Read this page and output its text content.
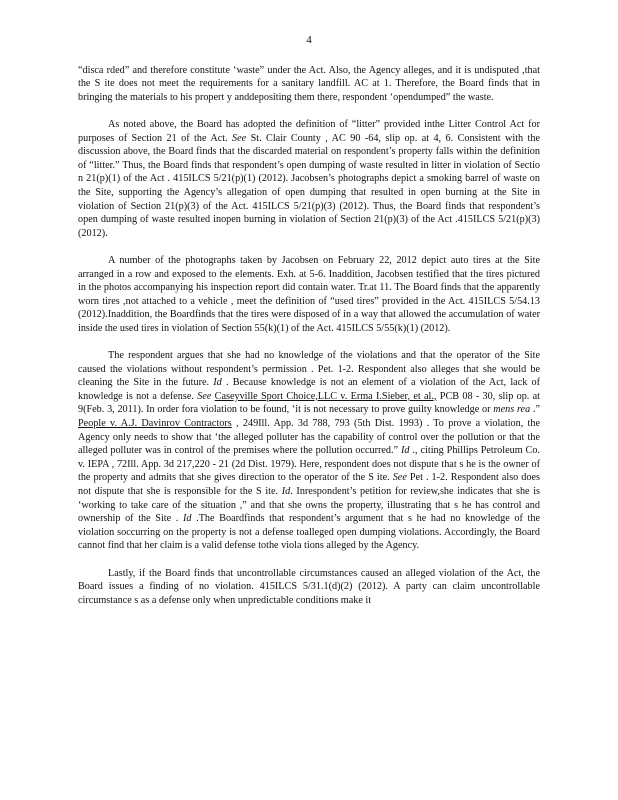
4

“disca rded” and therefore constitute ‘waste” under the Act. Also, the Agency alleges, and it is undisputed ,that the S ite does not meet the requirements for a sanitary landfill. AC at 1. Therefore, the Board finds that in bringing the materials to his propert y anddepositing them there, respondent ‘opendumped” the waste.

As noted above, the Board has adopted the definition of “litter” provided inthe Litter Control Act for purposes of Section 21 of the Act. See St. Clair County , AC 90 -64, slip op. at 4, 6. Consistent with the discussion above, the Board finds that the discarded material on respondent’s property falls within the definition of “litter.” Thus, the Board finds that respondent’s open dumping of waste resulted in litter in violation of Sectio n 21(p)(1) of the Act . 415ILCS 5/21(p)(1) (2012). Jacobsen’s photographs depict a smoking barrel of waste on the Site, supporting the Agency’s allegation of open dumping that resulted in open burning at the Site in violation of Section 21(p)(3) of the Act. 415ILCS 5/21(p)(3) (2012). Thus, the Board finds that respondent’s open dumping of waste resulted inopen burning in violation of Section 21(p)(3) of the Act .415ILCS 5/21(p)(3) (2012).

A number of the photographs taken by Jacobsen on February 22, 2012 depict auto tires at the Site arranged in a row and exposed to the elements. Exh. at 5-6. Inaddition, Jacobsen testified that the tires pictured in the photos accompanying his inspection report did contain water. Tr.at 11. The Board finds that the apparently worn tires ,not attached to a vehicle , meet the definition of “used tires” provided in the Act. 415ILCS 5/54.13 (2012).Inaddition, the Boardfinds that the tires were disposed of in a way that allowed the accumulation of water inside the used tires in violation of Section 55(k)(1) of the Act. 415ILCS 5/55(k)(1) (2012).

The respondent argues that she had no knowledge of the violations and that the operator of the Site caused the violations without respondent’s permission . Pet. 1-2. Respondent also alleges that she would be cleaning the Site in the future. Id . Because knowledge is not an element of a violation of the Act, lack of knowledge is not a defense. See Caseyville Sport Choice,LLC v. Erma I.Sieber, et al., PCB 08 - 30, slip op. at 9(Feb. 3, 2011). In order fora violation to be found, ‘it is not necessary to prove guilty knowledge or mens rea .” People v. A.J. Davinrov Contractors , 249Ill. App. 3d 788, 793 (5th Dist. 1993) . To prove a violation, the Agency only needs to show that ‘the alleged polluter has the capability of control over the pollution or that the alleged polluter was in control of the premises where the pollution occurred.” Id ., citing Phillips Petroleum Co. v. IEPA , 72Ill. App. 3d 217,220 - 21 (2d Dist. 1979). Here, respondent does not dispute that s he is the owner of the property and admits that she gives direction to the operator of the S ite. See Pet . 1-2. Respondent also does not dispute that she is responsible for the S ite. Id. Inrespondent’s petition for review,she indicates that she is ‘working to take care of the situation ,” and that she owns the property, illustrating that s he has control and ownership of the Site . Id .The Boardfinds that respondent’s argument that s he had no knowledge of the violation soccurring on the property is not a defense toalleged open dumping violations. Accordingly, the Board cannot find that her claim is a valid defense tothe viola tions alleged by the Agency.

Lastly, if the Board finds that uncontrollable circumstances caused an alleged violation of the Act, the Board issues a finding of no violation. 415ILCS 5/31.1(d)(2) (2012). A party can claim uncontrollable circumstance s as a defense only when unpredictable conditions make it
